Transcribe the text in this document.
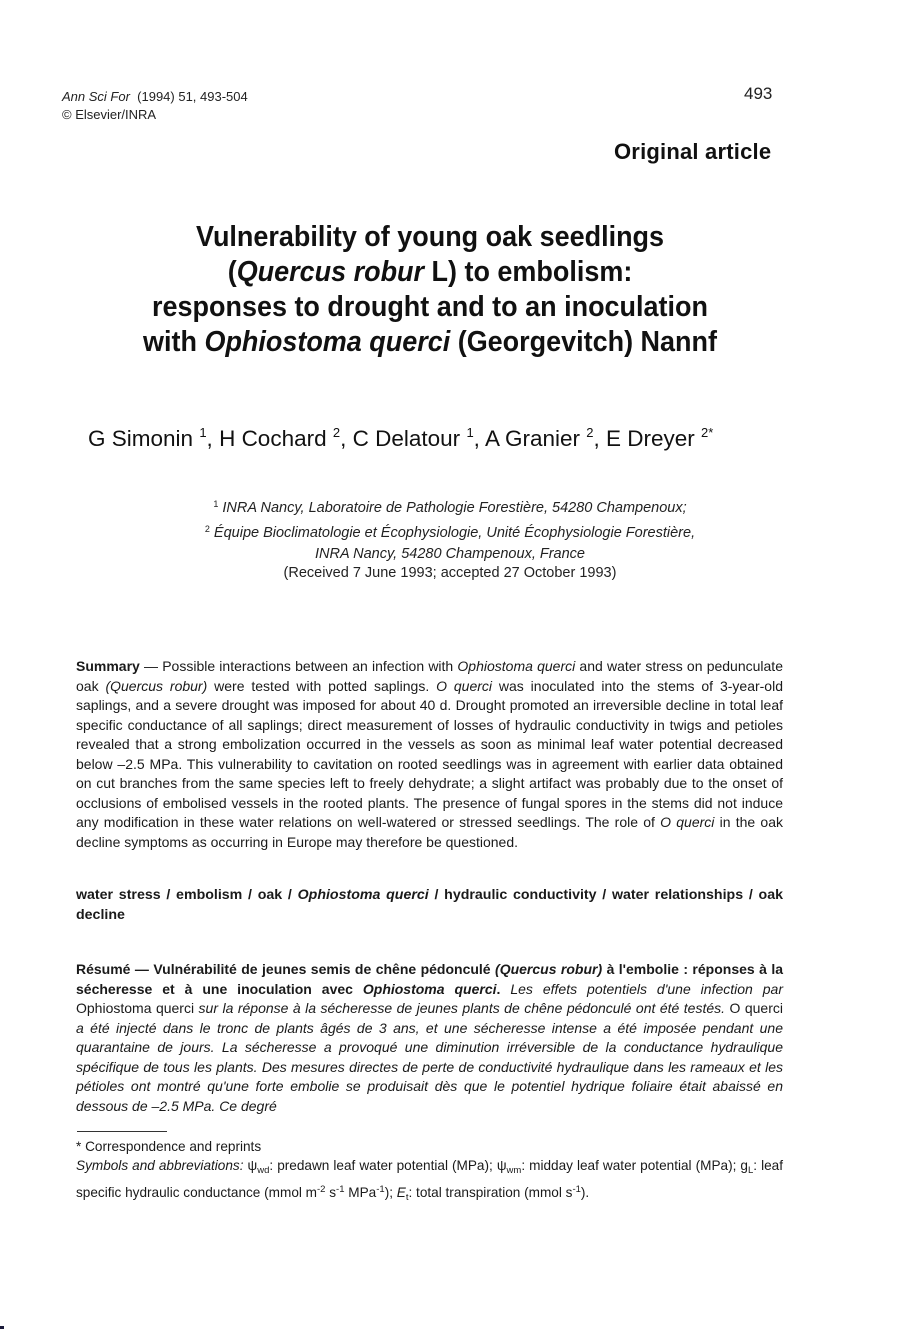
Ann Sci For (1994) 51, 493-504
© Elsevier/INRA
493
Original article
Vulnerability of young oak seedlings
(Quercus robur L) to embolism:
responses to drought and to an inoculation
with Ophiostoma querci (Georgevitch) Nannf
G Simonin $^1$, H Cochard $^2$, C Delatour $^1$, A Granier $^2$, E Dreyer $^{2*}$
$^1$ INRA Nancy, Laboratoire de Pathologie Forestière, 54280 Champenoux;
$^2$ Équipe Bioclimatologie et Écophysiologie, Unité Écophysiologie Forestière,
INRA Nancy, 54280 Champenoux, France
(Received 7 June 1993; accepted 27 October 1993)
Summary — Possible interactions between an infection with Ophiostoma querci and water stress on pedunculate oak (Quercus robur) were tested with potted saplings. O querci was inoculated into the stems of 3-year-old saplings, and a severe drought was imposed for about 40 d. Drought promoted an irreversible decline in total leaf specific conductance of all saplings; direct measurement of losses of hydraulic conductivity in twigs and petioles revealed that a strong embolization occurred in the vessels as soon as minimal leaf water potential decreased below –2.5 MPa. This vulnerability to cavitation on rooted seedlings was in agreement with earlier data obtained on cut branches from the same species left to freely dehydrate; a slight artifact was probably due to the onset of occlusions of embolised vessels in the rooted plants. The presence of fungal spores in the stems did not induce any modification in these water relations on well-watered or stressed seedlings. The role of O querci in the oak decline symptoms as occurring in Europe may therefore be questioned.
water stress / embolism / oak / Ophiostoma querci / hydraulic conductivity / water relationships / oak decline
Résumé — Vulnérabilité de jeunes semis de chêne pédonculé (Quercus robur) à l'embolie : réponses à la sécheresse et à une inoculation avec Ophiostoma querci. Les effets potentiels d'une infection par Ophiostoma querci sur la réponse à la sécheresse de jeunes plants de chêne pédonculé ont été testés. O querci a été injecté dans le tronc de plants âgés de 3 ans, et une sécheresse intense a été imposée pendant une quarantaine de jours. La sécheresse a provoqué une diminution irréversible de la conductance hydraulique spécifique de tous les plants. Des mesures directes de perte de conductivité hydraulique dans les rameaux et les pétioles ont montré qu'une forte embolie se produisait dès que le potentiel hydrique foliaire était abaissé en dessous de –2.5 MPa. Ce degré
* Correspondence and reprints
Symbols and abbreviations: $\psi_{wd}$: predawn leaf water potential (MPa); $\psi_{wm}$: midday leaf water potential (MPa); $g_L$: leaf specific hydraulic conductance (mmol $m^{-2}$ $s^{-1}$ MPa$^{-1}$); $E_t$: total transpiration (mmol $s^{-1}$).
